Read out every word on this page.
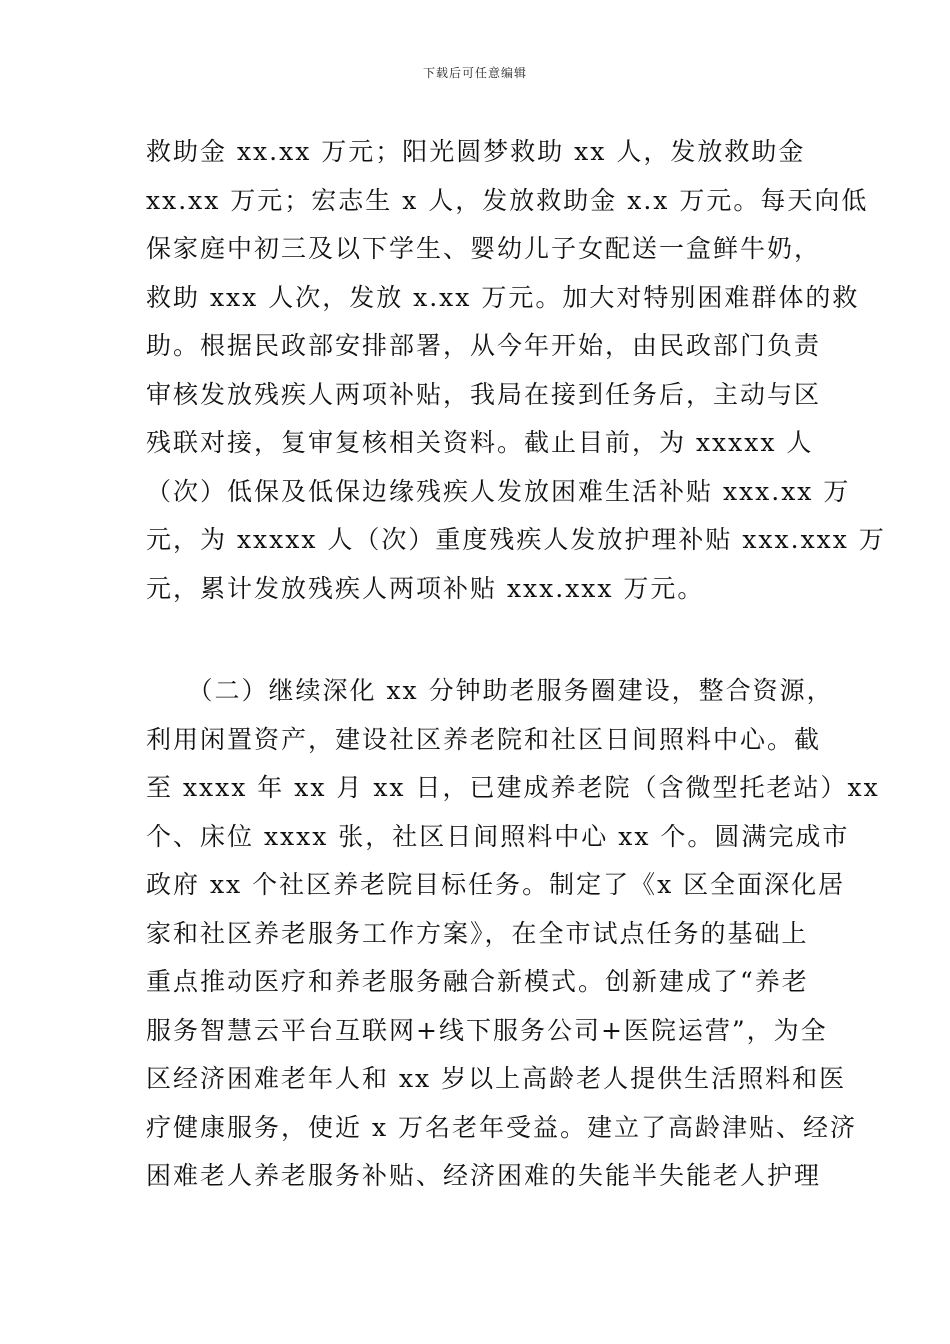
下载后可任意编辑
救助金 xx.xx 万元；阳光圆梦救助 xx 人，发放救助金
xx.xx 万元；宏志生 x 人，发放救助金 x.x 万元。每天向低
保家庭中初三及以下学生、婴幼儿子女配送一盒鲜牛奶，
救助 xxx 人次，发放 x.xx 万元。加大对特别困难群体的救
助。根据民政部安排部署，从今年开始，由民政部门负责
审核发放残疾人两项补贴，我局在接到任务后，主动与区
残联对接，复审复核相关资料。截止目前，为 xxxxx 人
（次）低保及低保边缘残疾人发放困难生活补贴 xxx.xx 万
元，为 xxxxx 人（次）重度残疾人发放护理补贴 xxx.xxx 万
元，累计发放残疾人两项补贴 xxx.xxx 万元。
　　（二）继续深化 xx 分钟助老服务圈建设，整合资源，
利用闲置资产，建设社区养老院和社区日间照料中心。截
至 xxxx 年 xx 月 xx 日，已建成养老院（含微型托老站）xx
个、床位 xxxx 张，社区日间照料中心 xx 个。圆满完成市
政府 xx 个社区养老院目标任务。制定了《x 区全面深化居
家和社区养老服务工作方案》，在全市试点任务的基础上
重点推动医疗和养老服务融合新模式。创新建成了“养老
服务智慧云平台互联网+线下服务公司+医院运营”，为全
区经济困难老年人和 xx 岁以上高龄老人提供生活照料和医
疗健康服务，使近 x 万名老年受益。建立了高龄津贴、经济
困难老人养老服务补贴、经济困难的失能半失能老人护理
